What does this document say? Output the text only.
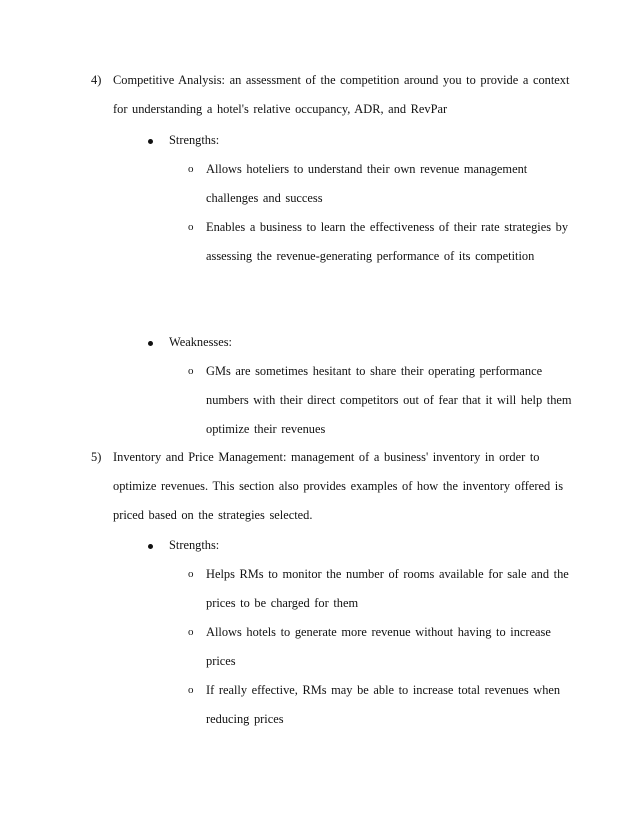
4) Competitive Analysis: an assessment of the competition around you to provide a context
for understanding a hotel's relative occupancy, ADR, and RevPar
Strengths:
o Allows hoteliers to understand their own revenue management
challenges and success
o Enables a business to learn the effectiveness of their rate strategies by
assessing the revenue-generating performance of its competition
Weaknesses:
o GMs are sometimes hesitant to share their operating performance
numbers with their direct competitors out of fear that it will help them
optimize their revenues
5) Inventory and Price Management: management of a business' inventory in order to
optimize revenues. This section also provides examples of how the inventory offered is
priced based on the strategies selected.
Strengths:
o Helps RMs to monitor the number of rooms available for sale and the
prices to be charged for them
o Allows hotels to generate more revenue without having to increase
prices
o If really effective, RMs may be able to increase total revenues when
reducing prices
